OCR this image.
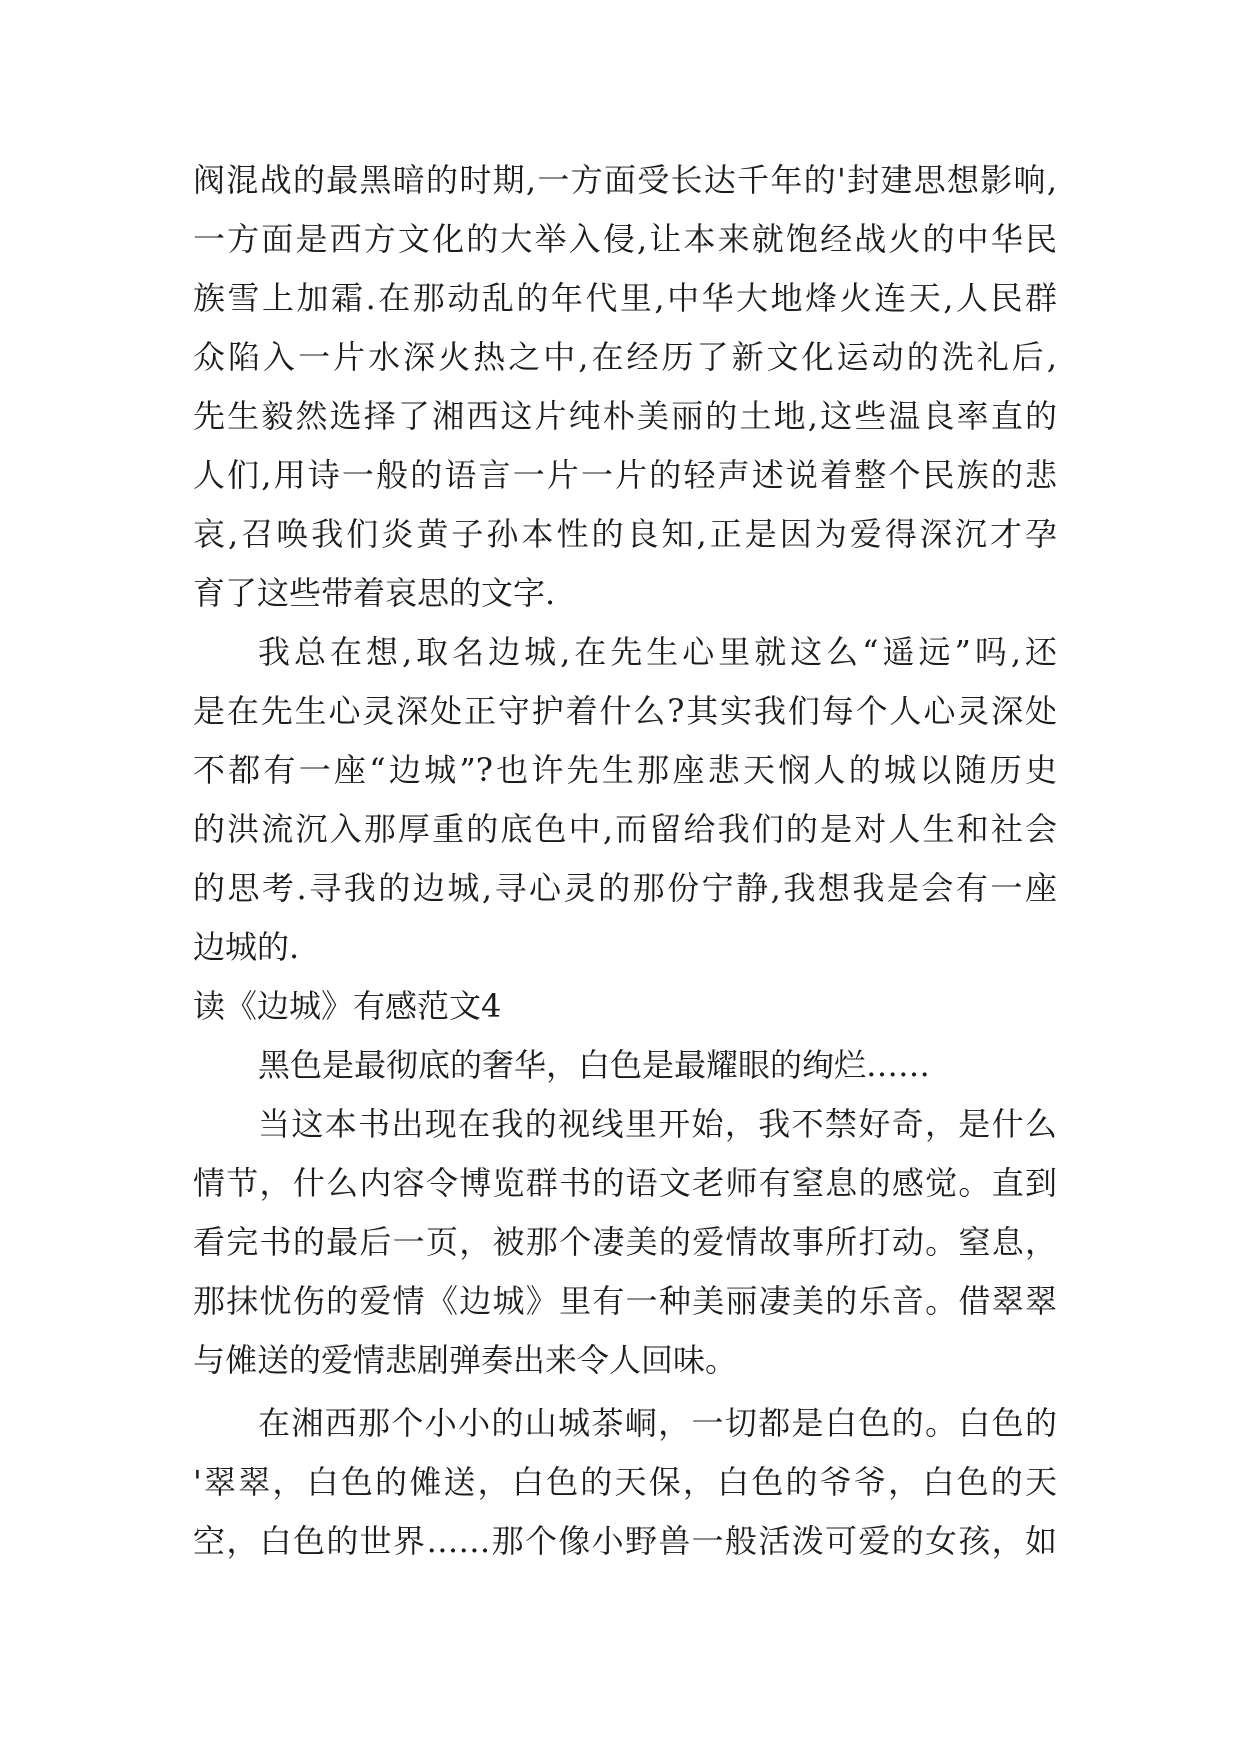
阀混战的最黑暗的时期,一方面受长达千年的'封建思想影响,
一方面是西方文化的大举入侵,让本来就饱经战火的中华民
族雪上加霜.在那动乱的年代里,中华大地烽火连天,人民群
众陷入一片水深火热之中,在经历了新文化运动的洗礼后,
先生毅然选择了湘西这片纯朴美丽的土地,这些温良率直的
人们,用诗一般的语言一片一片的轻声述说着整个民族的悲
哀,召唤我们炎黄子孙本性的良知,正是因为爱得深沉才孕
育了这些带着哀思的文字.
我总在想,取名边城,在先生心里就这么“遥远”吗,还
是在先生心灵深处正守护着什么?其实我们每个人心灵深处
不都有一座“边城”?也许先生那座悲天悯人的城以随历史
的洪流沉入那厚重的底色中,而留给我们的是对人生和社会
的思考.寻我的边城,寻心灵的那份宁静,我想我是会有一座
边城的.
读《边城》有感范文4
黑色是最彻底的奢华，白色是最耀眼的绚烂……
当这本书出现在我的视线里开始，我不禁好奇，是什么
情节，什么内容令博览群书的语文老师有窒息的感觉。直到
看完书的最后一页，被那个凄美的爱情故事所打动。窒息，
那抹忧伤的爱情《边城》里有一种美丽凄美的乐音。借翠翠
与傩送的爱情悲剧弹奏出来令人回味。
在湘西那个小小的山城茶峒，一切都是白色的。白色的
'翠翠，白色的傩送，白色的天保，白色的爷爷，白色的天
空，白色的世界……那个像小野兽一般活泼可爱的女孩，如
